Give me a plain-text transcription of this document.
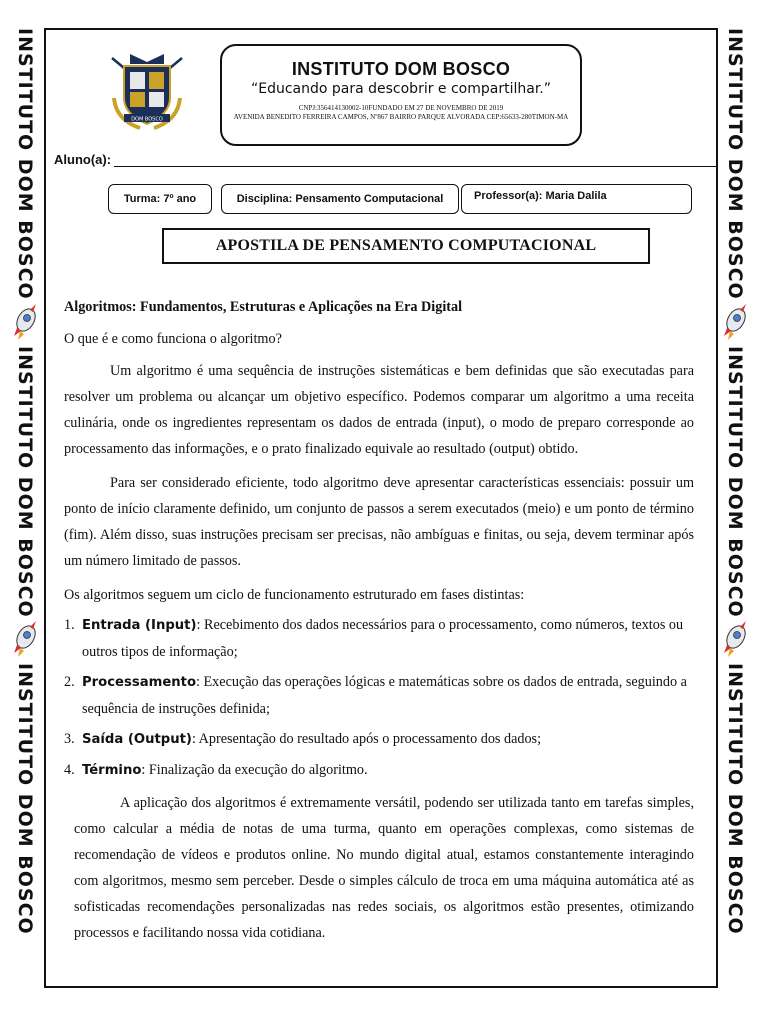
INSTITUTO DOM BOSCO
INSTITUTO DOM BOSCO
INSTITUTO DOM BOSCO
INSTITUTO DOM BOSCO
INSTITUTO DOM BOSCO
INSTITUTO DOM BOSCO
DOM BOSCO
INSTITUTO DOM BOSCO
“Educando para descobrir e compartilhar.”
CNPJ:356414130002-10FUNDADO EM 27 DE NOVEMBRO DE 2019
AVENIDA BENEDITO FERREIRA CAMPOS, Nº867 BAIRRO PARQUE ALVORADA CEP:65633-280TIMON-MA
Aluno(a):
Turma: 7º ano	Disciplina: Pensamento Computacional	Professor(a): Maria Dalila
APOSTILA DE PENSAMENTO COMPUTACIONAL

Algoritmos: Fundamentos, Estruturas e Aplicações na Era Digital

O que é e como funciona o algoritmo?

Um algoritmo é uma sequência de instruções sistemáticas e bem definidas que são executadas para resolver um problema ou alcançar um objetivo específico. Podemos comparar um algoritmo a uma receita culinária, onde os ingredientes representam os dados de entrada (input), o modo de preparo corresponde ao processamento das informações, e o prato finalizado equivale ao resultado (output) obtido.

Para ser considerado eficiente, todo algoritmo deve apresentar características essenciais: possuir um ponto de início claramente definido, um conjunto de passos a serem executados (meio) e um ponto de término (fim). Além disso, suas instruções precisam ser precisas, não ambíguas e finitas, ou seja, devem terminar após um número limitado de passos.

Os algoritmos seguem um ciclo de funcionamento estruturado em fases distintas:

1. Entrada (Input): Recebimento dos dados necessários para o processamento, como números, textos ou outros tipos de informação;
2. Processamento: Execução das operações lógicas e matemáticas sobre os dados de entrada, seguindo a sequência de instruções definida;
3. Saída (Output): Apresentação do resultado após o processamento dos dados;
4. Término: Finalização da execução do algoritmo.

A aplicação dos algoritmos é extremamente versátil, podendo ser utilizada tanto em tarefas simples, como calcular a média de notas de uma turma, quanto em operações complexas, como sistemas de recomendação de vídeos e produtos online. No mundo digital atual, estamos constantemente interagindo com algoritmos, mesmo sem perceber. Desde o simples cálculo de troca em uma máquina automática até as sofisticadas recomendações personalizadas nas redes sociais, os algoritmos estão presentes, otimizando processos e facilitando nossa vida cotidiana.
